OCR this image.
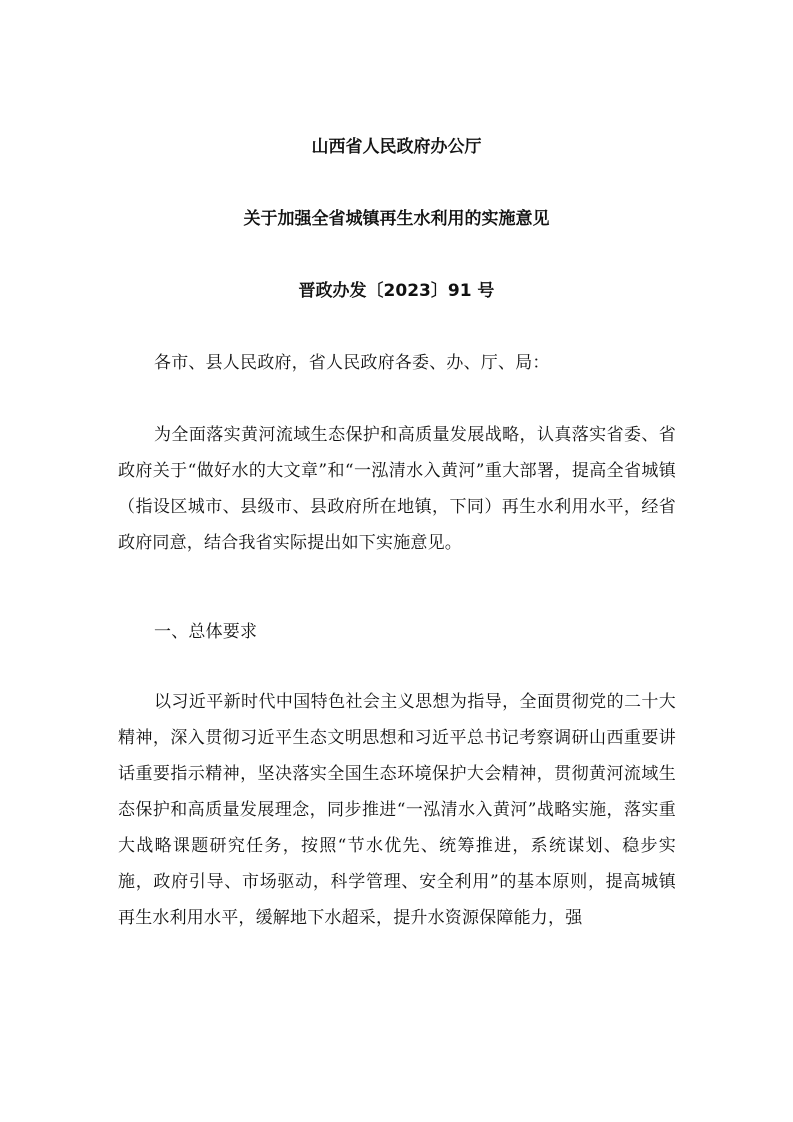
山西省人民政府办公厅
关于加强全省城镇再生水利用的实施意见
晋政办发〔2023〕91 号
各市、县人民政府，省人民政府各委、办、厅、局：
为全面落实黄河流域生态保护和高质量发展战略，认真落实省委、省政府关于“做好水的大文章”和“一泓清水入黄河”重大部署，提高全省城镇（指设区城市、县级市、县政府所在地镇，下同）再生水利用水平，经省政府同意，结合我省实际提出如下实施意见。
一、总体要求
以习近平新时代中国特色社会主义思想为指导，全面贯彻党的二十大精神，深入贯彻习近平生态文明思想和习近平总书记考察调研山西重要讲话重要指示精神，坚决落实全国生态环境保护大会精神，贯彻黄河流域生态保护和高质量发展理念，同步推进“一泓清水入黄河”战略实施，落实重大战略课题研究任务，按照“节水优先、统筹推进，系统谋划、稳步实施，政府引导、市场驱动，科学管理、安全利用”的基本原则，提高城镇再生水利用水平，缓解地下水超采，提升水资源保障能力，强
